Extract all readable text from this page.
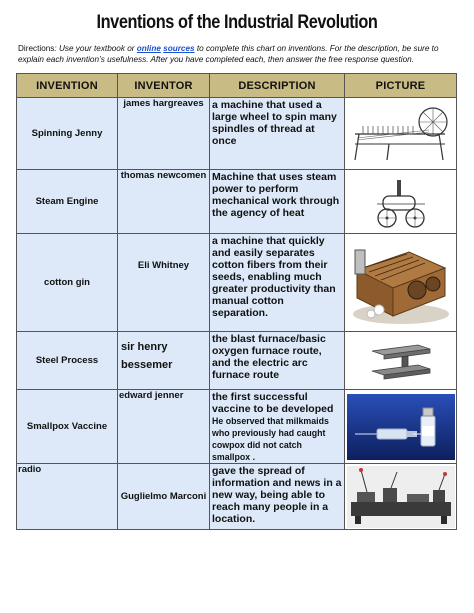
Inventions of the Industrial Revolution
Directions: Use your textbook or online sources to complete this chart on inventions. For the description, be sure to explain each invention’s usefulness. After you have completed each, then answer the free response question.
INVENTION	INVENTOR	DESCRIPTION	PICTURE
Spinning Jenny	james hargreaves	a machine that used a large wheel to spin many spindles of thread at once	

Steam Engine	thomas newcomen	Machine that uses steam power to perform mechanical work through the agency of heat	

cotton gin	Eli Whitney	a machine that quickly and easily separates cotton fibers from their seeds, enabling much greater productivity than manual cotton separation.	

Steel Process	sir henry bessemer	the blast furnace/basic oxygen furnace route, and the electric arc furnace route	

Smallpox Vaccine	edward jenner	the first successful vaccine to be developed He observed that milkmaids who previously had caught cowpox did not catch smallpox .	

radio	Guglielmo Marconi	gave the spread of information and news in a new way, being able to reach many people in a location.	
